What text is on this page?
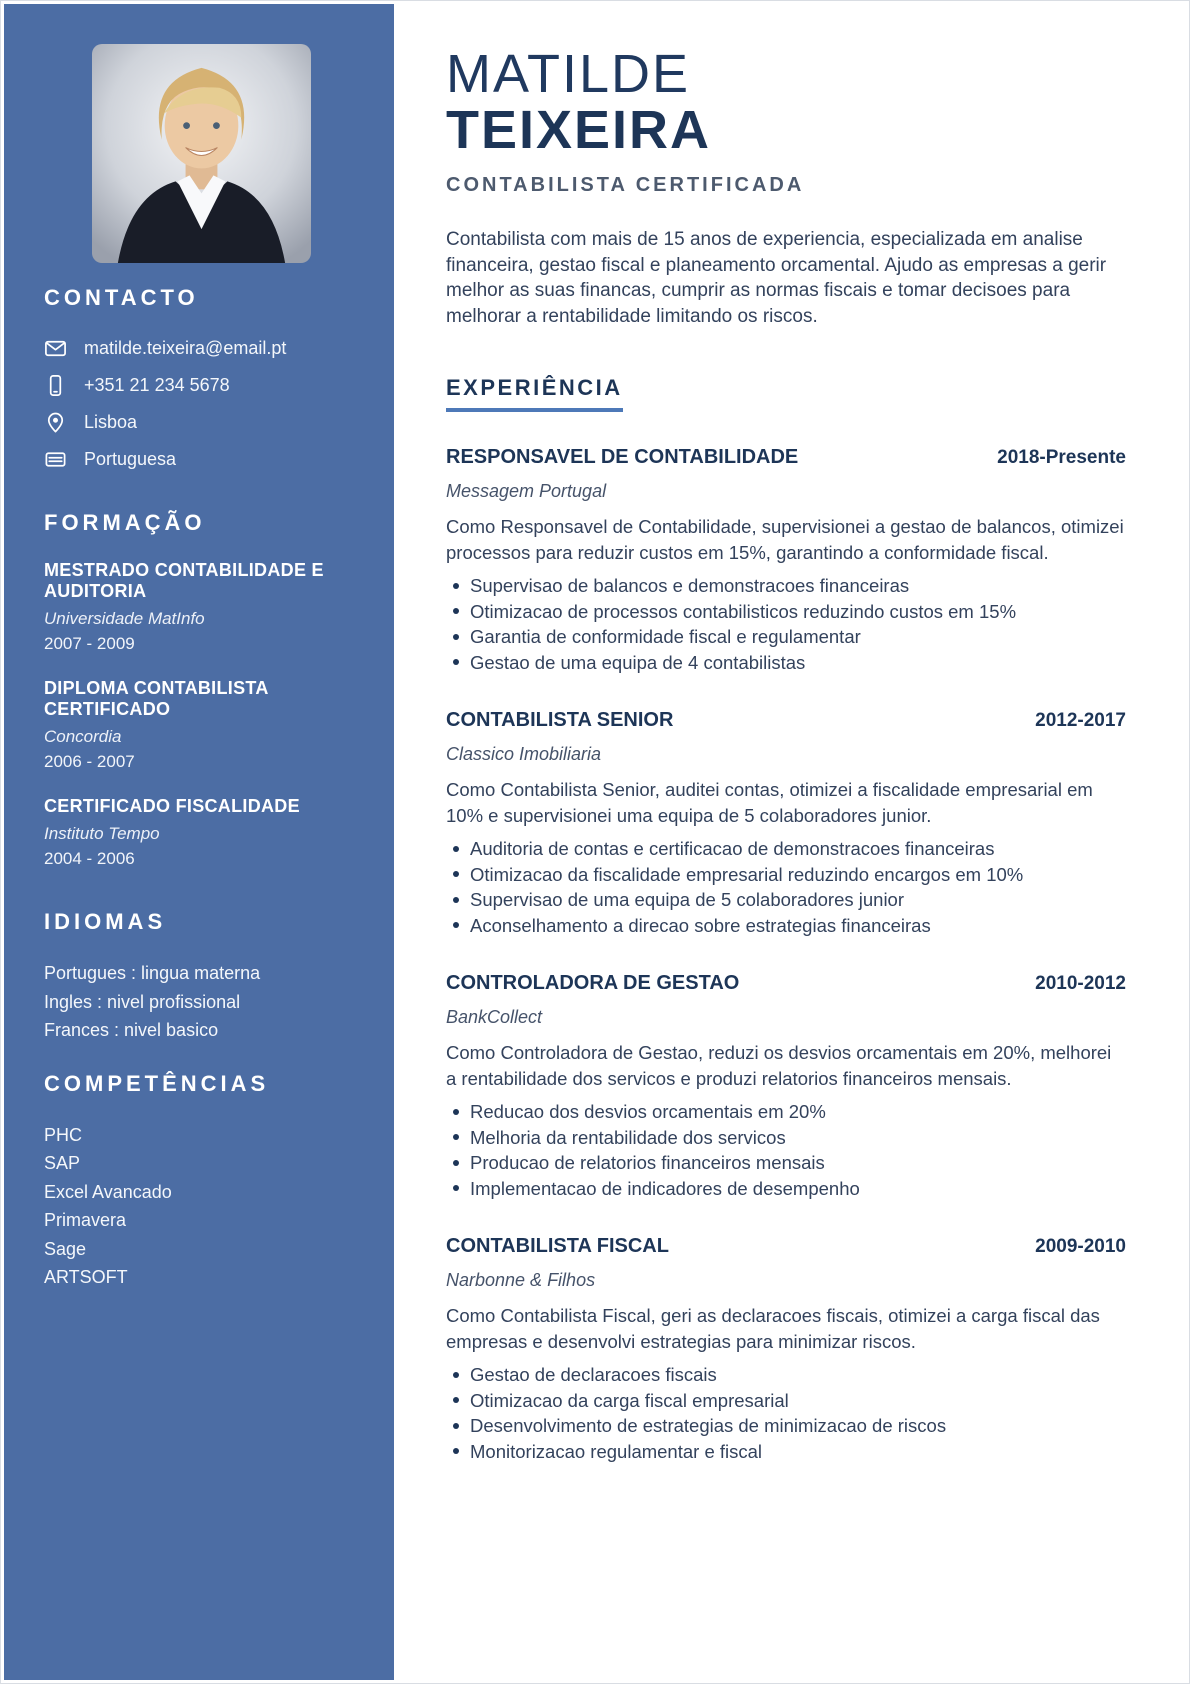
CONTACTO
matilde.teixeira@email.pt
+351 21 234 5678
Lisboa
Portuguesa
FORMAÇÃO
MESTRADO CONTABILIDADE E AUDITORIA
Universidade MatInfo
2007 - 2009
DIPLOMA CONTABILISTA CERTIFICADO
Concordia
2006 - 2007
CERTIFICADO FISCALIDADE
Instituto Tempo
2004 - 2006
IDIOMAS
Portugues : lingua materna
Ingles : nivel profissional
Frances : nivel basico
COMPETÊNCIAS
PHC
SAP
Excel Avancado
Primavera
Sage
ARTSOFT
MATILDE
TEIXEIRA
CONTABILISTA CERTIFICADA

Contabilista com mais de 15 anos de experiencia, especializada em analise financeira, gestao fiscal e planeamento orcamental. Ajudo as empresas a gerir melhor as suas financas, cumprir as normas fiscais e tomar decisoes para melhorar a rentabilidade limitando os riscos.

EXPERIÊNCIA
RESPONSAVEL DE CONTABILIDADE	2018-Presente
Messagem Portugal

Como Responsavel de Contabilidade, supervisionei a gestao de balancos, otimizei processos para reduzir custos em 15%, garantindo a conformidade fiscal.

Supervisao de balancos e demonstracoes financeiras
Otimizacao de processos contabilisticos reduzindo custos em 15%
Garantia de conformidade fiscal e regulamentar
Gestao de uma equipa de 4 contabilistas
CONTABILISTA SENIOR	2012-2017
Classico Imobiliaria

Como Contabilista Senior, auditei contas, otimizei a fiscalidade empresarial em 10% e supervisionei uma equipa de 5 colaboradores junior.

Auditoria de contas e certificacao de demonstracoes financeiras
Otimizacao da fiscalidade empresarial reduzindo encargos em 10%
Supervisao de uma equipa de 5 colaboradores junior
Aconselhamento a direcao sobre estrategias financeiras
CONTROLADORA DE GESTAO	2010-2012
BankCollect

Como Controladora de Gestao, reduzi os desvios orcamentais em 20%, melhorei a rentabilidade dos servicos e produzi relatorios financeiros mensais.

Reducao dos desvios orcamentais em 20%
Melhoria da rentabilidade dos servicos
Producao de relatorios financeiros mensais
Implementacao de indicadores de desempenho
CONTABILISTA FISCAL	2009-2010
Narbonne & Filhos

Como Contabilista Fiscal, geri as declaracoes fiscais, otimizei a carga fiscal das empresas e desenvolvi estrategias para minimizar riscos.

Gestao de declaracoes fiscais
Otimizacao da carga fiscal empresarial
Desenvolvimento de estrategias de minimizacao de riscos
Monitorizacao regulamentar e fiscal
